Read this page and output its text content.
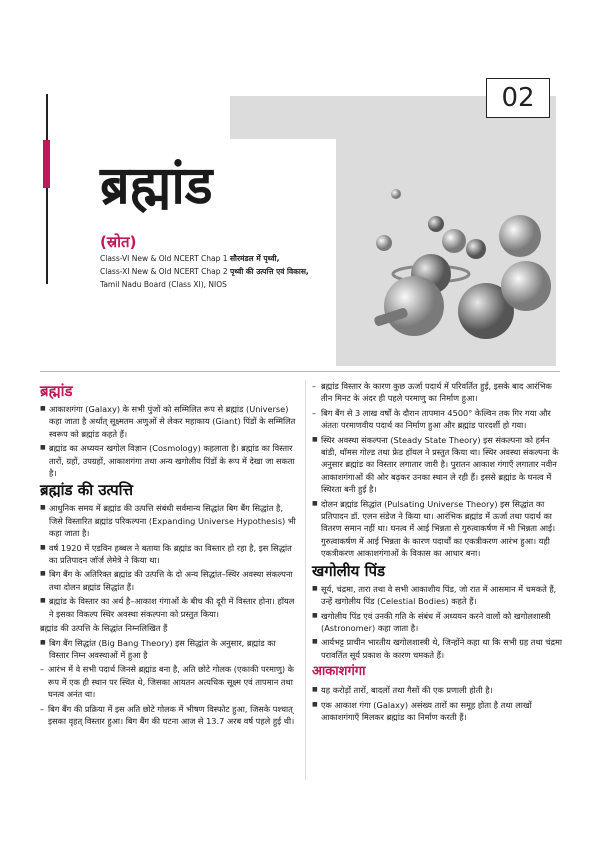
02
ब्रह्मांड
(स्रोत)
Class-VI New & Old NCERT Chap 1 सौरमंडल में पृथ्वी,
Class-XI New & Old NCERT Chap 2 पृथ्वी की उत्पत्ति एवं विकास,
Tamil Nadu Board (Class XI), NIOS
ब्रह्मांड

■ आकाशगंगा (Galaxy) के सभी पुंजों को सम्मिलित रूप से ब्रह्मांड (Universe) कहा जाता है अर्थात् सूक्ष्मतम अणुओं से लेकर महाकाय (Giant) पिंडों के सम्मिलित स्वरूप को ब्रह्मांड कहते हैं।

■ ब्रह्मांड का अध्ययन खगोल विज्ञान (Cosmology) कहलाता है। ब्रह्मांड का विस्तार तारों, ग्रहों, उपग्रहों, आकाशगंगा तथा अन्य खगोलीय पिंडों के रूप में देखा जा सकता है।

ब्रह्मांड की उत्पत्ति

■ आधुनिक समय में ब्रह्मांड की उत्पत्ति संबंधी सर्वमान्य सिद्धांत बिग बैंग सिद्धांत है, जिसे विस्तारित ब्रह्मांड परिकल्पना (Expanding Universe Hypothesis) भी कहा जाता है।

■ वर्ष 1920 में एडविन हब्बल ने बताया कि ब्रह्मांड का विस्तार हो रहा है, इस सिद्धांत का प्रतिपादन जॉर्ज लेमेत्रे ने किया था।

■ बिग बैंग के अतिरिक्त ब्रह्मांड की उत्पत्ति के दो अन्य सिद्धांत–स्थिर अवस्था संकल्पना तथा दोलन ब्रह्मांड सिद्धांत हैं।

■ ब्रह्मांड के विस्तार का अर्थ है–आकाश गंगाओं के बीच की दूरी में विस्तार होना। हॉयल ने इसका विकल्प स्थिर अवस्था संकल्पना को प्रस्तुत किया।

ब्रह्मांड की उत्पत्ति के सिद्धांत निम्नलिखित हैं

■ बिग बैंग सिद्धांत (Big Bang Theory) इस सिद्धांत के अनुसार, ब्रह्मांड का विस्तार निम्न अवस्थाओं में हुआ है

– आरंभ में वे सभी पदार्थ जिनसे ब्रह्मांड बना है, अति छोटे गोलक (एकाकी परमाणु) के रूप में एक ही स्थान पर स्थित थे, जिसका आयतन अत्यधिक सूक्ष्म एवं तापमान तथा घनत्व अनंत था।

– बिग बैंग की प्रक्रिया में इस अति छोटे गोलक में भीषण विस्फोट हुआ, जिसके पश्चात् इसका वृहत् विस्तार हुआ। बिग बैंग की घटना आज से 13.7 अरब वर्ष पहले हुई थी।

– ब्रह्मांड विस्तार के कारण कुछ ऊर्जा पदार्थ में परिवर्तित हुई, इसके बाद आरंभिक तीन मिनट के अंदर ही पहले परमाणु का निर्माण हुआ।

– बिग बैंग से 3 लाख वर्षों के दौरान तापमान 4500° केल्विन तक गिर गया और अंततः परमाणवीय पदार्थ का निर्माण हुआ और ब्रह्मांड पारदर्शी हो गया।

■ स्थिर अवस्था संकल्पना (Steady State Theory) इस संकल्पना को हर्मन बांडी, थॉमस गोल्ड तथा फ्रेड हॉयल ने प्रस्तुत किया था। स्थिर अवस्था संकल्पना के अनुसार ब्रह्मांड का विस्तार लगातार जारी है। पुरातन आकाश गंगाएँ लगातार नवीन आकाशगंगाओं की ओर बढ़कर उनका स्थान ले रही हैं। इससे ब्रह्मांड के घनत्व में स्थिरता बनी हुई है।

■ दोलन ब्रह्मांड सिद्धांत (Pulsating Universe Theory) इस सिद्धांत का प्रतिपादन डॉ. एलन संडेज ने किया था। आरंभिक ब्रह्मांड में ऊर्जा तथा पदार्थ का वितरण समान नहीं था। घनत्व में आई भिन्नता से गुरुत्वाकर्षण में भी भिन्नता आई। गुरुत्वाकर्षण में आई भिन्नता के कारण पदार्थों का एकत्रीकरण आरंभ हुआ। यही एकत्रीकरण आकाशगंगाओं के विकास का आधार बना।

खगोलीय पिंड

■ सूर्य, चंद्रमा, तारा तथा वे सभी आकाशीय पिंड, जो रात में आसमान में चमकते हैं, उन्हें खगोलीय पिंड (Celestial Bodies) कहते हैं।

■ खगोलीय पिंड एवं उनकी गति के संबंध में अध्ययन करने वालों को खगोलशास्त्री (Astronomer) कहा जाता है।

■ आर्यभट्ट प्राचीन भारतीय खगोलशास्त्री थे, जिन्होंने कहा था कि सभी ग्रह तथा चंद्रमा परावर्तित सूर्य प्रकाश के कारण चमकते हैं।

आकाशगंगा

■ यह करोड़ों तारों, बादलों तथा गैसों की एक प्रणाली होती है।

■ एक आकाश गंगा (Galaxy) असंख्य तारों का समूह होता है तथा लाखों आकाशगंगाएँ मिलकर ब्रह्मांड का निर्माण करती हैं।
